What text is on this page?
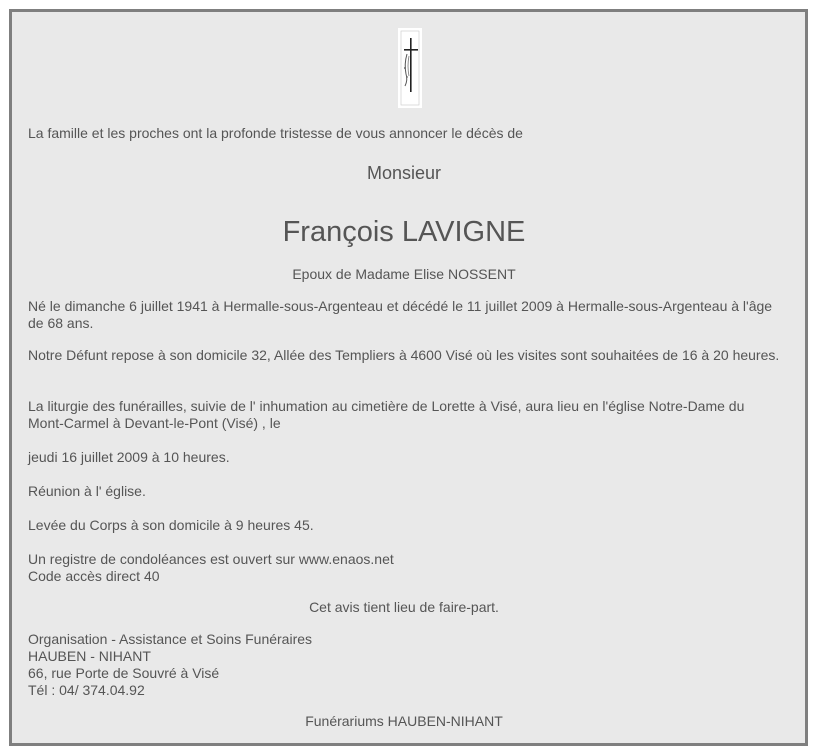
La famille et les proches ont la profonde tristesse de vous annoncer le décès de

Monsieur

François LAVIGNE

Epoux de Madame Elise NOSSENT

Né le dimanche 6 juillet 1941 à Hermalle-sous-Argenteau et décédé le 11 juillet 2009 à Hermalle-sous-Argenteau à l'âge de 68 ans.

Notre Défunt repose à son domicile 32, Allée des Templiers à 4600 Visé où les visites sont souhaitées de 16 à 20 heures.

La liturgie des funérailles, suivie de l' inhumation au cimetière de Lorette à Visé, aura lieu en l'église Notre-Dame du Mont-Carmel à Devant-le-Pont (Visé) , le

jeudi 16 juillet 2009 à 10 heures.

Réunion à l' église.

Levée du Corps à son domicile à 9 heures 45.

Un registre de condoléances est ouvert sur www.enaos.net
Code accès direct 40

Cet avis tient lieu de faire-part.

Organisation - Assistance et Soins Funéraires
HAUBEN - NIHANT
66, rue Porte de Souvré à Visé
Tél : 04/ 374.04.92

Funérariums HAUBEN-NIHANT
